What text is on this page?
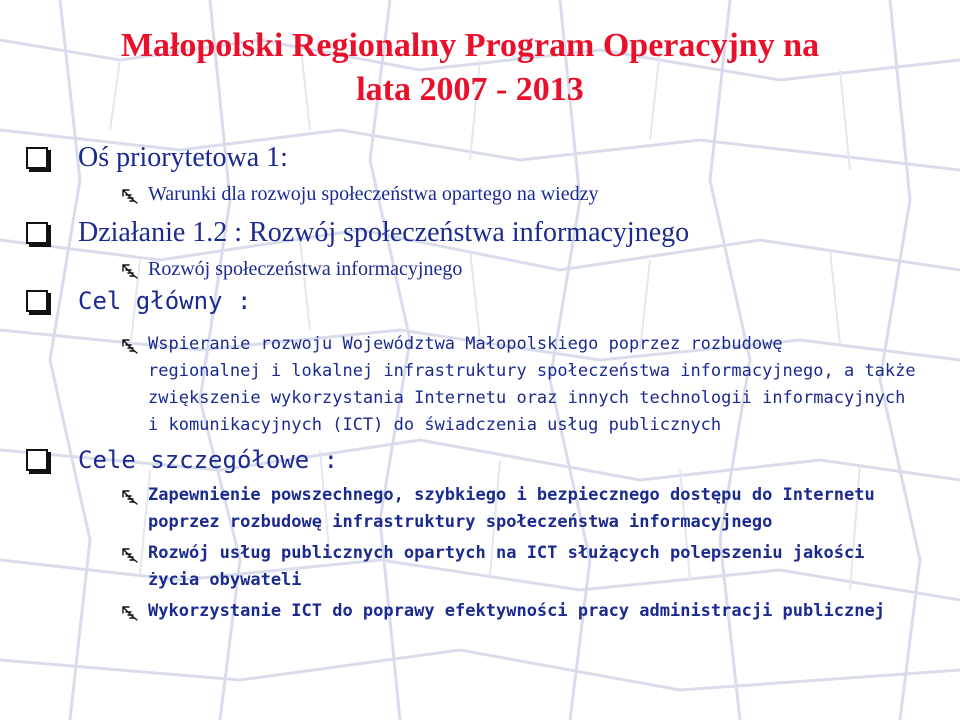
Małopolski Regionalny Program Operacyjny na
lata 2007 - 2013
Oś priorytetowa 1:
Warunki dla rozwoju społeczeństwa opartego na wiedzy
Działanie 1.2 : Rozwój społeczeństwa informacyjnego
Rozwój społeczeństwa informacyjnego
Cel główny :
Wspieranie rozwoju Województwa Małopolskiego poprzez rozbudowę
regionalnej i lokalnej infrastruktury społeczeństwa informacyjnego, a także
zwiększenie wykorzystania Internetu oraz innych technologii informacyjnych
i komunikacyjnych (ICT) do świadczenia usług publicznych
Cele szczegółowe :
Zapewnienie powszechnego, szybkiego i bezpiecznego dostępu do Internetu
poprzez rozbudowę infrastruktury społeczeństwa informacyjnego
Rozwój usług publicznych opartych na ICT służących polepszeniu jakości
życia obywateli
Wykorzystanie ICT do poprawy efektywności pracy administracji publicznej
